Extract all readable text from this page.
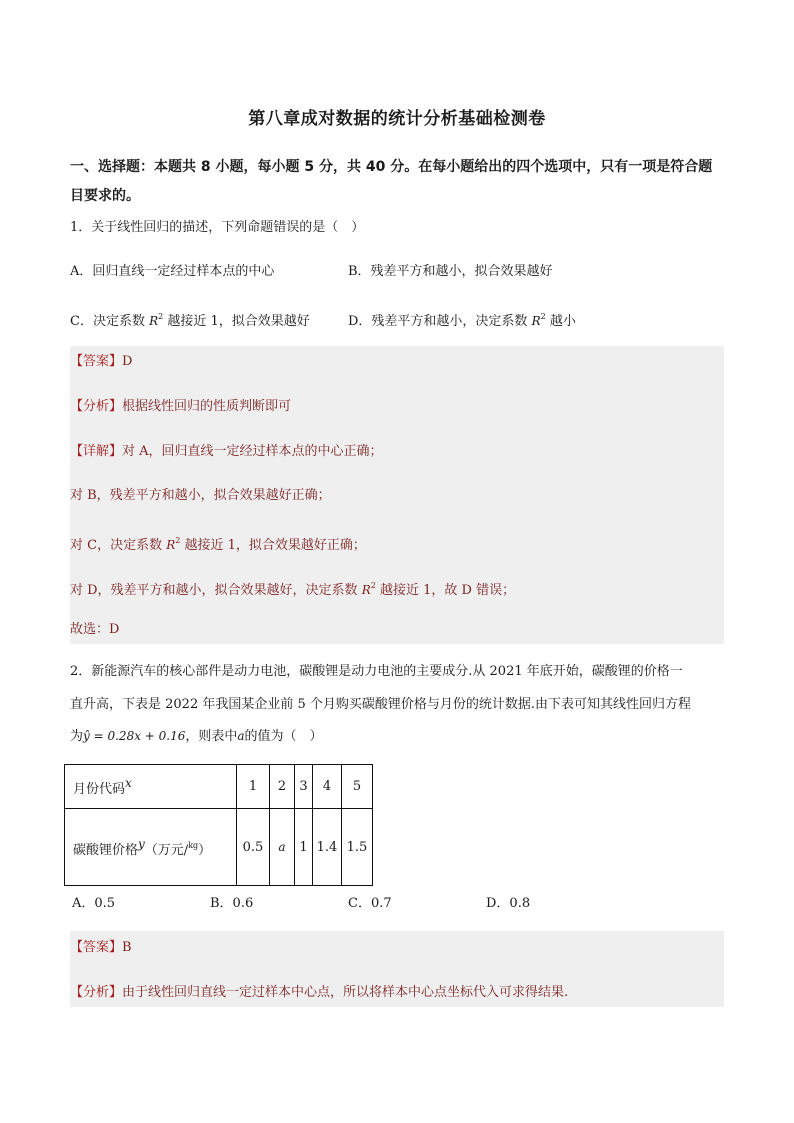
第八章成对数据的统计分析基础检测卷
一、选择题：本题共 8 小题，每小题 5 分，共 40 分。在每小题给出的四个选项中，只有一项是符合题目要求的。
1．关于线性回归的描述，下列命题错误的是（　）
A．回归直线一定经过样本点的中心	B．残差平方和越小，拟合效果越好
C．决定系数 $R^2$ 越接近 1，拟合效果越好	D．残差平方和越小，决定系数 $R^2$ 越小
【答案】D
【分析】根据线性回归的性质判断即可
【详解】对 A，回归直线一定经过样本点的中心正确；
对 B，残差平方和越小，拟合效果越好正确；
对 C，决定系数 $R^2$ 越接近 1，拟合效果越好正确；
对 D，残差平方和越小，拟合效果越好，决定系数 $R^2$ 越接近 1，故 D 错误；
故选：D
2．新能源汽车的核心部件是动力电池，碳酸锂是动力电池的主要成分.从 2021 年底开始，碳酸锂的价格一
直升高，下表是 2022 年我国某企业前 5 个月购买碳酸锂价格与月份的统计数据.由下表可知其线性回归方程
为ŷ = 0.28x + 0.16，则表中a的值为（　）
月份代码$^x$	1	2	3	4	5
碳酸锂价格$^y$（万元/$^{kg}$）	0.5	a	1	1.4	1.5
A．0.5	B．0.6	C．0.7	D．0.8
【答案】B
【分析】由于线性回归直线一定过样本中心点，所以将样本中心点坐标代入可求得结果.
